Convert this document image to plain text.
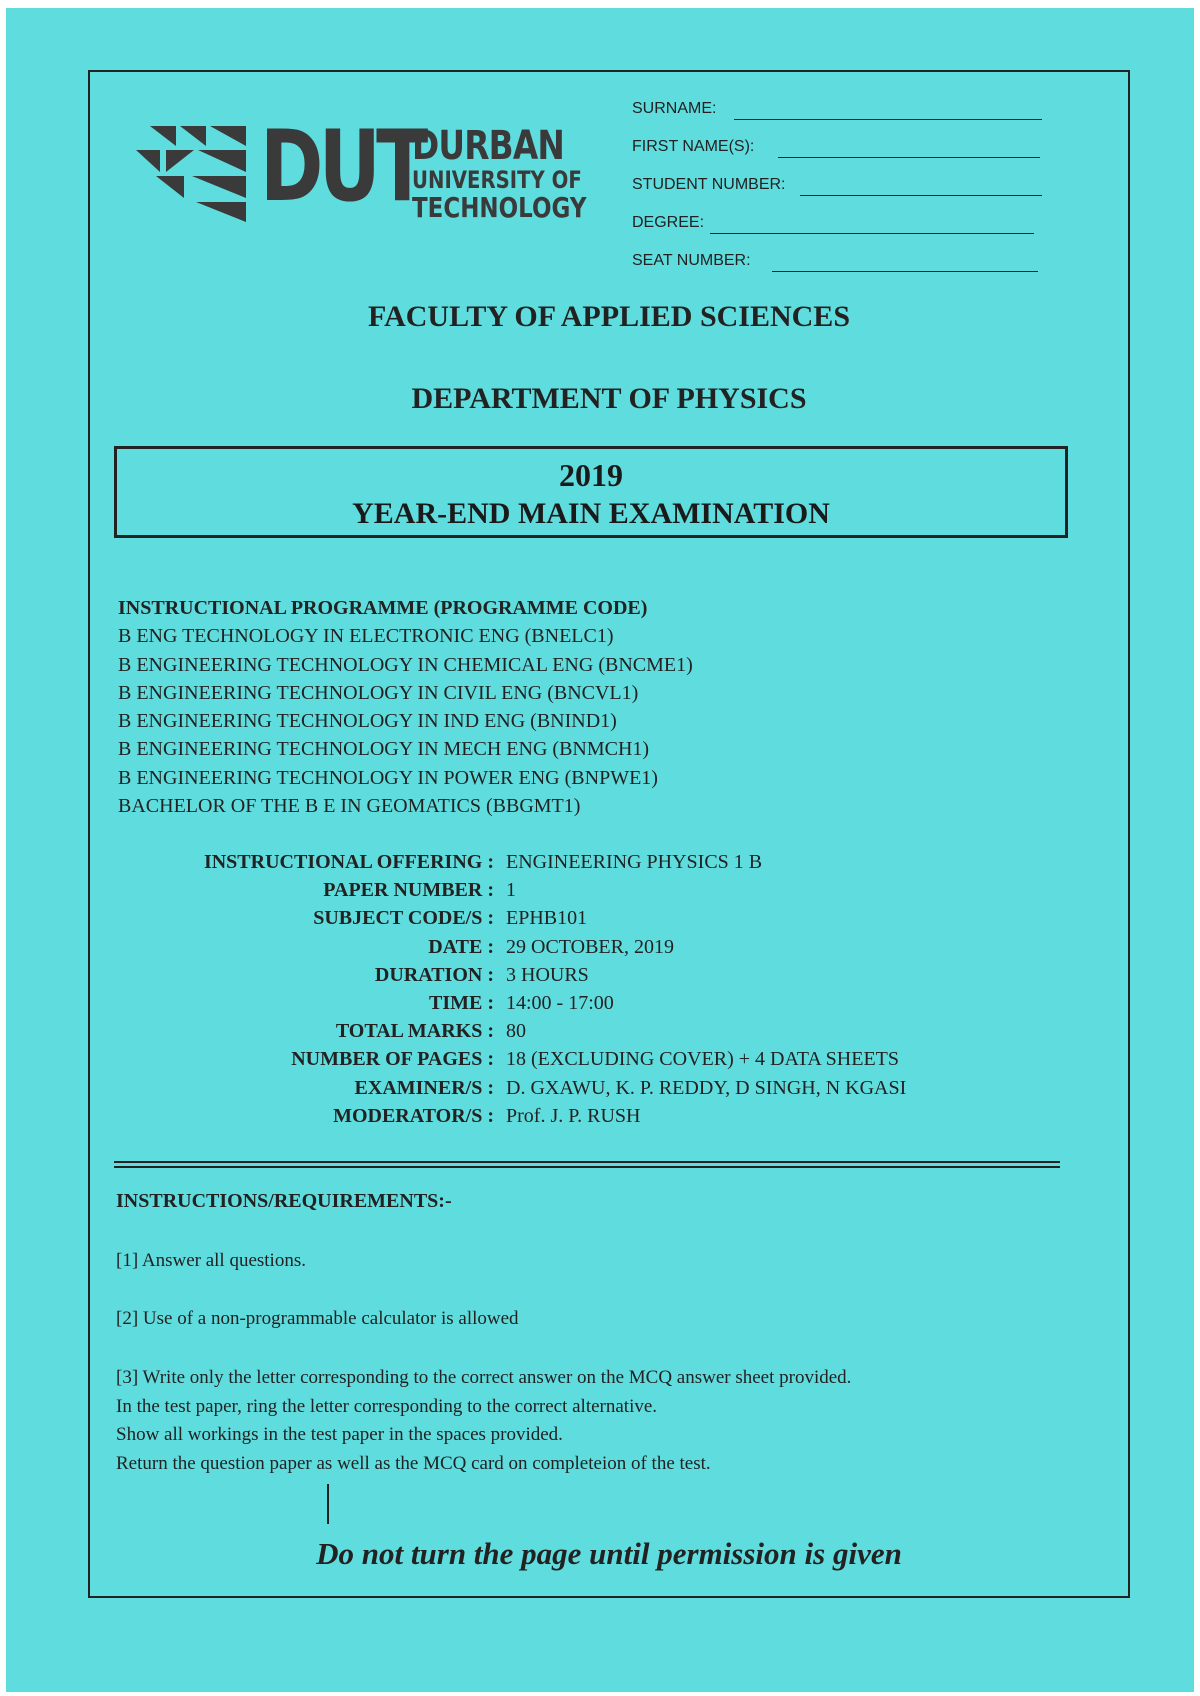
DUT
DURBAN
UNIVERSITY OF
TECHNOLOGY
SURNAME:
FIRST NAME(S):
STUDENT NUMBER:
DEGREE:
SEAT NUMBER:
FACULTY OF APPLIED SCIENCES
DEPARTMENT OF PHYSICS
2019
YEAR-END MAIN EXAMINATION
INSTRUCTIONAL PROGRAMME (PROGRAMME CODE)
B ENG TECHNOLOGY IN ELECTRONIC ENG (BNELC1)
B ENGINEERING TECHNOLOGY IN CHEMICAL ENG (BNCME1)
B ENGINEERING TECHNOLOGY IN CIVIL ENG (BNCVL1)
B ENGINEERING TECHNOLOGY IN IND ENG (BNIND1)
B ENGINEERING TECHNOLOGY IN MECH ENG (BNMCH1)
B ENGINEERING TECHNOLOGY IN POWER ENG (BNPWE1)
BACHELOR OF THE B E IN GEOMATICS (BBGMT1)
INSTRUCTIONAL OFFERING : ENGINEERING PHYSICS 1 B
PAPER NUMBER : 1
SUBJECT CODE/S : EPHB101
DATE : 29 OCTOBER, 2019
DURATION : 3 HOURS
TIME : 14:00 - 17:00
TOTAL MARKS : 80
NUMBER OF PAGES : 18 (EXCLUDING COVER) + 4 DATA SHEETS
EXAMINER/S : D. GXAWU, K. P. REDDY, D SINGH, N KGASI
MODERATOR/S : Prof. J. P. RUSH
INSTRUCTIONS/REQUIREMENTS:-
[1] Answer all questions.
[2] Use of a non-programmable calculator is allowed
[3] Write only the letter corresponding to the correct answer on the MCQ answer sheet provided.
In the test paper, ring the letter corresponding to the correct alternative.
Show all workings in the test paper in the spaces provided.
Return the question paper as well as the MCQ card on completeion of the test.
Do not turn the page until permission is given
